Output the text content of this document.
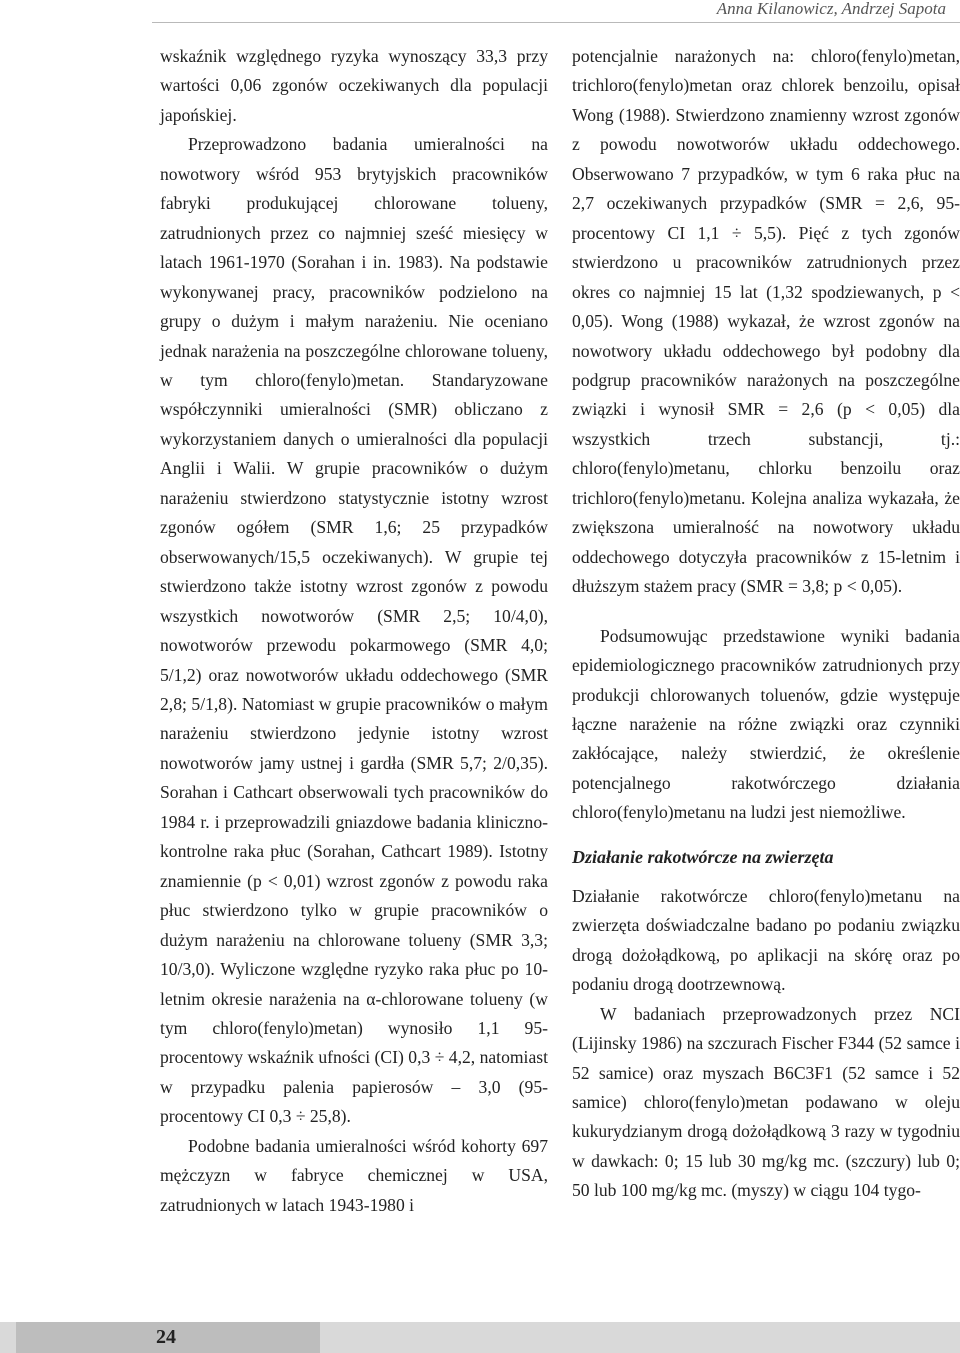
Anna Kilanowicz, Andrzej Sapota

wskaźnik względnego ryzyka wynoszący 33,3 przy wartości 0,06 zgonów oczekiwanych dla populacji japońskiej.

Przeprowadzono badania umieralności na nowotwory wśród 953 brytyjskich pracowników fabryki produkującej chlorowane tolueny, zatrudnionych przez co najmniej sześć miesięcy w latach 1961-1970 (Sorahan i in. 1983). Na podstawie wykonywanej pracy, pracowników podzielono na grupy o dużym i małym narażeniu. Nie oceniano jednak narażenia na poszczególne chlorowane tolueny, w tym chloro(fenylo)metan. Standaryzowane współczynniki umieralności (SMR) obliczano z wykorzystaniem danych o umieralności dla populacji Anglii i Walii. W grupie pracowników o dużym narażeniu stwierdzono statystycznie istotny wzrost zgonów ogółem (SMR 1,6; 25 przypadków obserwowanych/15,5 oczekiwanych). W grupie tej stwierdzono także istotny wzrost zgonów z powodu wszystkich nowotworów (SMR 2,5; 10/4,0), nowotworów przewodu pokarmowego (SMR 4,0; 5/1,2) oraz nowotworów układu oddechowego (SMR 2,8; 5/1,8). Natomiast w grupie pracowników o małym narażeniu stwierdzono jedynie istotny wzrost nowotworów jamy ustnej i gardła (SMR 5,7; 2/0,35). Sorahan i Cathcart obserwowali tych pracowników do 1984 r. i przeprowadzili gniazdowe badania kliniczno-kontrolne raka płuc (Sorahan, Cathcart 1989). Istotny znamiennie (p < 0,01) wzrost zgonów z powodu raka płuc stwierdzono tylko w grupie pracowników o dużym narażeniu na chlorowane tolueny (SMR 3,3; 10/3,0). Wyliczone względne ryzyko raka płuc po 10-letnim okresie narażenia na α-chlorowane tolueny (w tym chloro(fenylo)metan) wynosiło 1,1 95-procentowy wskaźnik ufności (CI) 0,3 ÷ 4,2, natomiast w przypadku palenia papierosów – 3,0 (95-procentowy CI 0,3 ÷ 25,8).

Podobne badania umieralności wśród kohorty 697 mężczyzn w fabryce chemicznej w USA, zatrudnionych w latach 1943-1980 i

potencjalnie narażonych na: chloro(fenylo)metan, trichloro(fenylo)metan oraz chlorek benzoilu, opisał Wong (1988). Stwierdzono znamienny wzrost zgonów z powodu nowotworów układu oddechowego. Obserwowano 7 przypadków, w tym 6 raka płuc na 2,7 oczekiwanych przypadków (SMR = 2,6, 95-procentowy CI 1,1 ÷ 5,5). Pięć z tych zgonów stwierdzono u pracowników zatrudnionych przez okres co najmniej 15 lat (1,32 spodziewanych, p < 0,05). Wong (1988) wykazał, że wzrost zgonów na nowotwory układu oddechowego był podobny dla podgrup pracowników narażonych na poszczególne związki i wynosił SMR = 2,6 (p < 0,05) dla wszystkich trzech substancji, tj.: chloro(fenylo)metanu, chlorku benzoilu oraz trichloro(fenylo)metanu. Kolejna analiza wykazała, że zwiększona umieralność na nowotwory układu oddechowego dotyczyła pracowników z 15-letnim i dłuższym stażem pracy (SMR = 3,8; p < 0,05).

Podsumowując przedstawione wyniki badania epidemiologicznego pracowników zatrudnionych przy produkcji chlorowanych toluenów, gdzie występuje łączne narażenie na różne związki oraz czynniki zakłócające, należy stwierdzić, że określenie potencjalnego rakotwórczego działania chloro(fenylo)metanu na ludzi jest niemożliwe.

Działanie rakotwórcze na zwierzęta

Działanie rakotwórcze chloro(fenylo)metanu na zwierzęta doświadczalne badano po podaniu związku drogą dożołądkową, po aplikacji na skórę oraz po podaniu drogą dootrzewnową.

W badaniach przeprowadzonych przez NCI (Lijinsky 1986) na szczurach Fischer F344 (52 samce i 52 samice) oraz myszach B6C3F1 (52 samce i 52 samice) chloro(fenylo)metan podawano w oleju kukurydzianym drogą dożołądkową 3 razy w tygodniu w dawkach: 0; 15 lub 30 mg/kg mc. (szczury) lub 0; 50 lub 100 mg/kg mc. (myszy) w ciągu 104 tygo-

24
